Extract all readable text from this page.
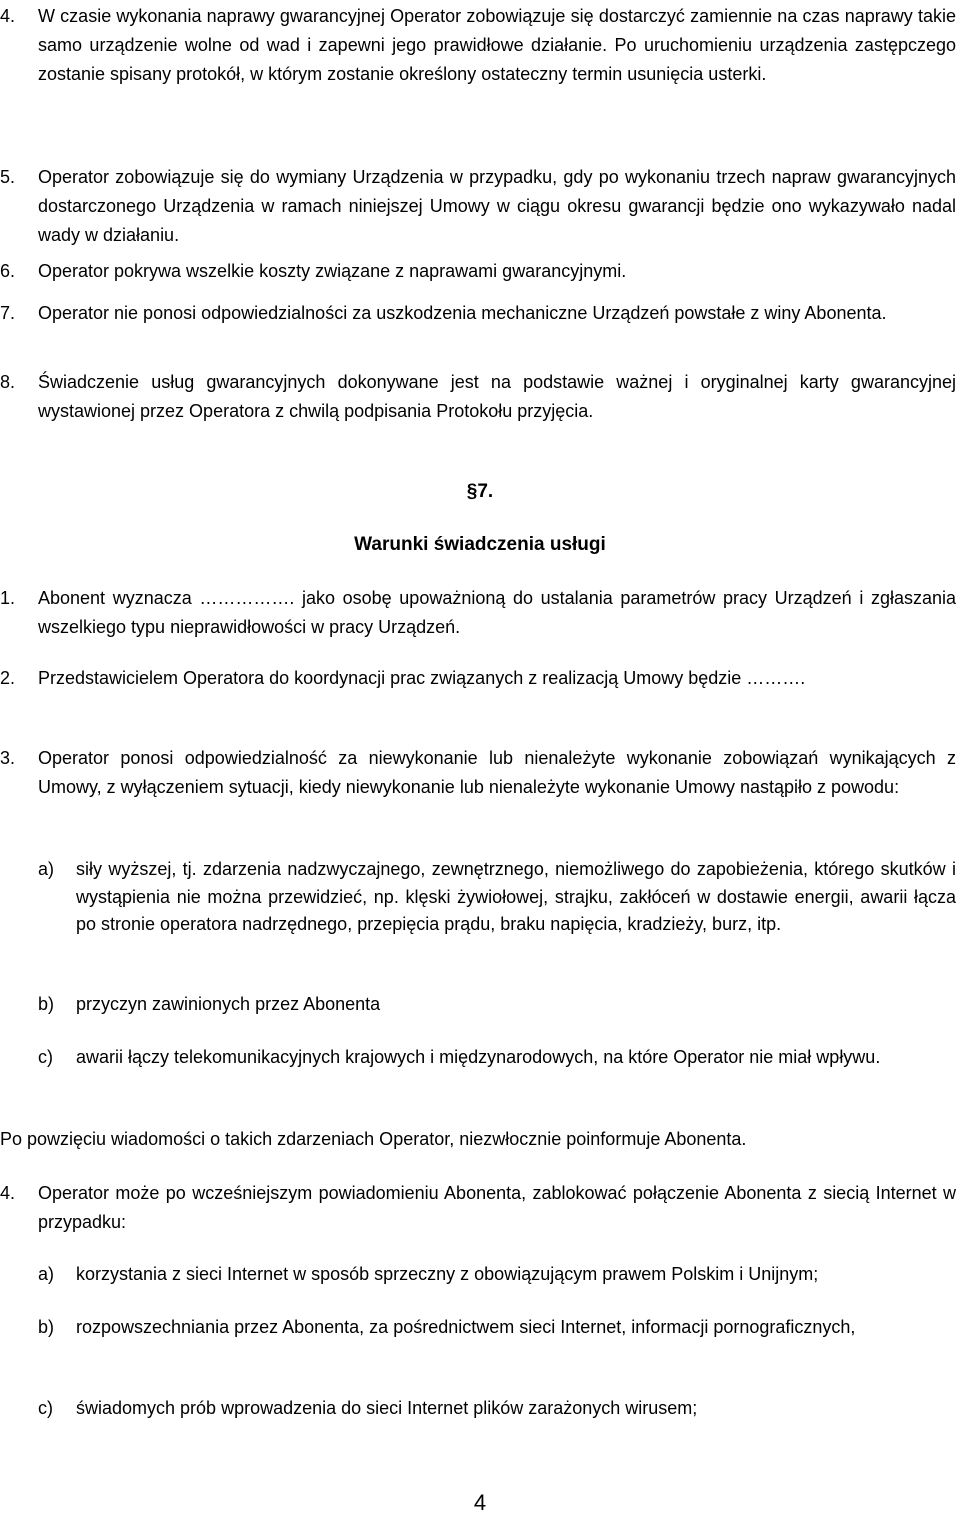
4.	W czasie wykonania naprawy gwarancyjnej Operator zobowiązuje się dostarczyć zamiennie na czas naprawy takie samo urządzenie wolne od wad i zapewni jego prawidłowe działanie. Po uruchomieniu urządzenia zastępczego zostanie spisany protokół, w którym zostanie określony ostateczny termin usunięcia usterki.
5.	Operator zobowiązuje się do wymiany Urządzenia w przypadku, gdy po wykonaniu trzech napraw gwarancyjnych dostarczonego Urządzenia w ramach niniejszej Umowy w ciągu okresu gwarancji będzie ono wykazywało nadal wady w działaniu.
6.	Operator pokrywa wszelkie koszty związane z naprawami gwarancyjnymi.
7.	Operator nie ponosi odpowiedzialności za uszkodzenia mechaniczne Urządzeń powstałe z winy Abonenta.
8.	Świadczenie usług gwarancyjnych dokonywane jest na podstawie ważnej i oryginalnej karty gwarancyjnej wystawionej przez Operatora z chwilą podpisania Protokołu przyjęcia.
§7.
Warunki świadczenia usługi
1.	Abonent wyznacza ……………. jako osobę upoważnioną do ustalania parametrów pracy Urządzeń i zgłaszania wszelkiego typu nieprawidłowości w pracy Urządzeń.
2.	Przedstawicielem Operatora do koordynacji prac związanych z realizacją Umowy będzie ……….
3.	Operator ponosi odpowiedzialność za niewykonanie lub nienależyte wykonanie zobowiązań wynikających z Umowy, z wyłączeniem sytuacji, kiedy niewykonanie lub nienależyte wykonanie Umowy nastąpiło z powodu:
a)	siły wyższej, tj. zdarzenia nadzwyczajnego, zewnętrznego, niemożliwego do zapobieżenia, którego skutków i wystąpienia nie można przewidzieć, np. klęski żywiołowej, strajku, zakłóceń w dostawie energii, awarii łącza po stronie operatora nadrzędnego, przepięcia prądu, braku napięcia, kradzieży, burz, itp.
b)	przyczyn zawinionych przez Abonenta
c)	awarii łączy telekomunikacyjnych krajowych i międzynarodowych, na które Operator nie miał wpływu.
Po powzięciu wiadomości o takich zdarzeniach Operator, niezwłocznie poinformuje Abonenta.
4.	Operator może po wcześniejszym powiadomieniu Abonenta, zablokować połączenie Abonenta z siecią Internet w przypadku:
a)	korzystania z sieci Internet w sposób sprzeczny z obowiązującym prawem Polskim i Unijnym;
b)	rozpowszechniania przez Abonenta, za pośrednictwem sieci Internet, informacji pornograficznych,
c)	świadomych prób wprowadzenia do sieci Internet plików zarażonych wirusem;
4
